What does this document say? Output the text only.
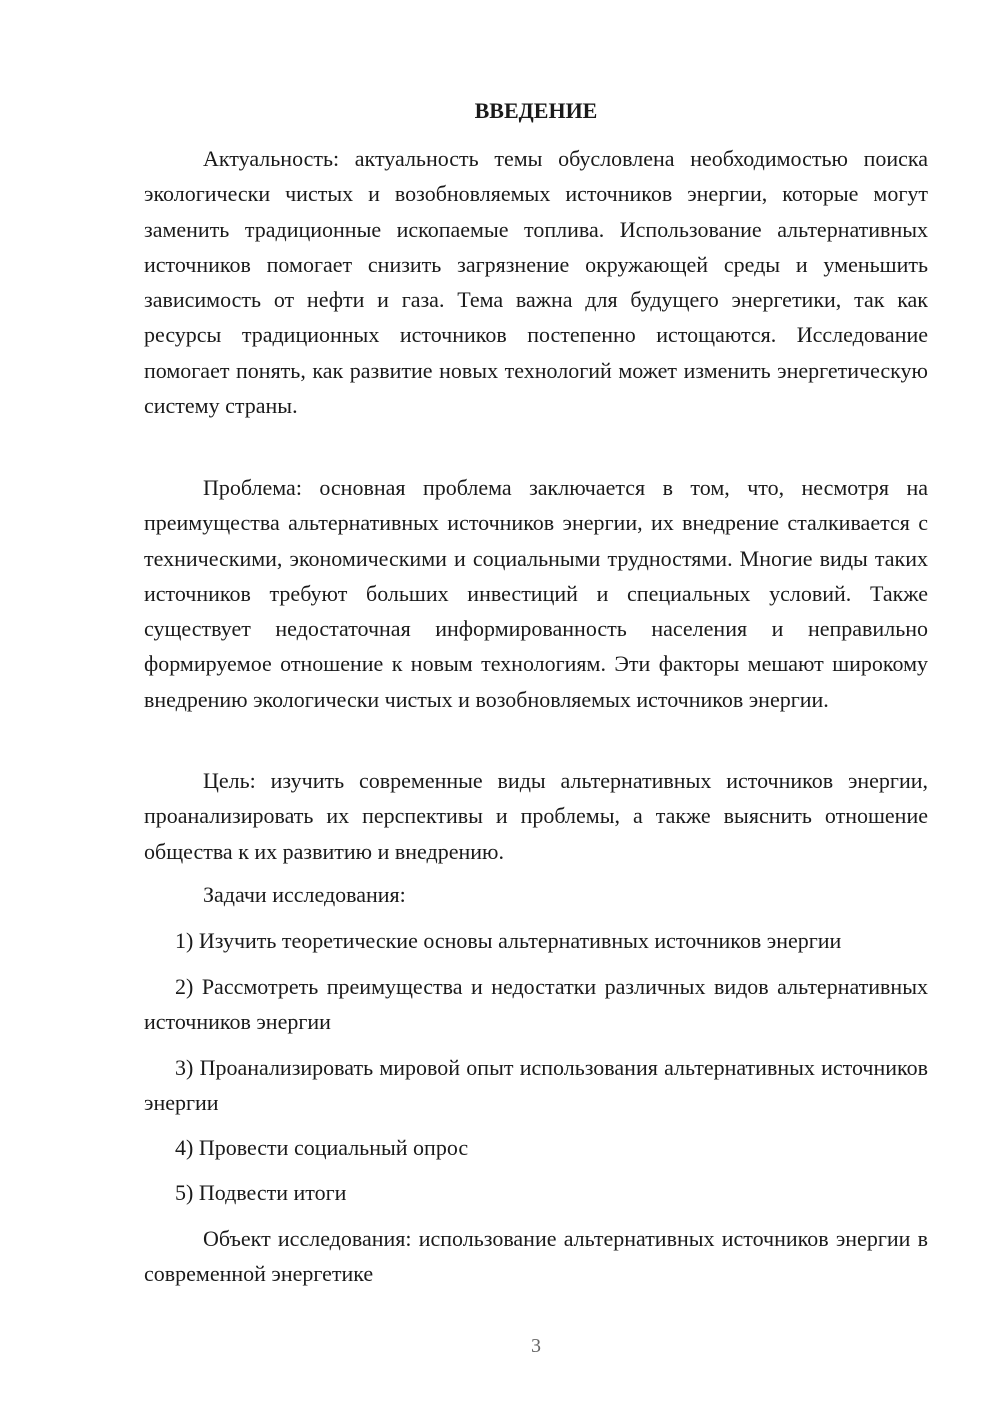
ВВЕДЕНИЕ

Актуальность: актуальность темы обусловлена необходимостью поиска экологически чистых и возобновляемых источников энергии, которые могут заменить традиционные ископаемые топлива. Использование альтернативных источников помогает снизить загрязнение окружающей среды и уменьшить зависимость от нефти и газа. Тема важна для будущего энергетики, так как ресурсы традиционных источников постепенно истощаются. Исследование помогает понять, как развитие новых технологий может изменить энергетическую систему страны.

Проблема: основная проблема заключается в том, что, несмотря на преимущества альтернативных источников энергии, их внедрение сталкивается с техническими, экономическими и социальными трудностями. Многие виды таких источников требуют больших инвестиций и специальных условий. Также существует недостаточная информированность населения и неправильно формируемое отношение к новым технологиям. Эти факторы мешают широкому внедрению экологически чистых и возобновляемых источников энергии.

Цель: изучить современные виды альтернативных источников энергии, проанализировать их перспективы и проблемы, а также выяснить отношение общества к их развитию и внедрению.

Задачи исследования:

1) Изучить теоретические основы альтернативных источников энергии

2) Рассмотреть преимущества и недостатки различных видов альтернативных источников энергии

3) Проанализировать мировой опыт использования альтернативных источников энергии

4) Провести социальный опрос

5) Подвести итоги

Объект исследования: использование альтернативных источников энергии в современной энергетике

3
